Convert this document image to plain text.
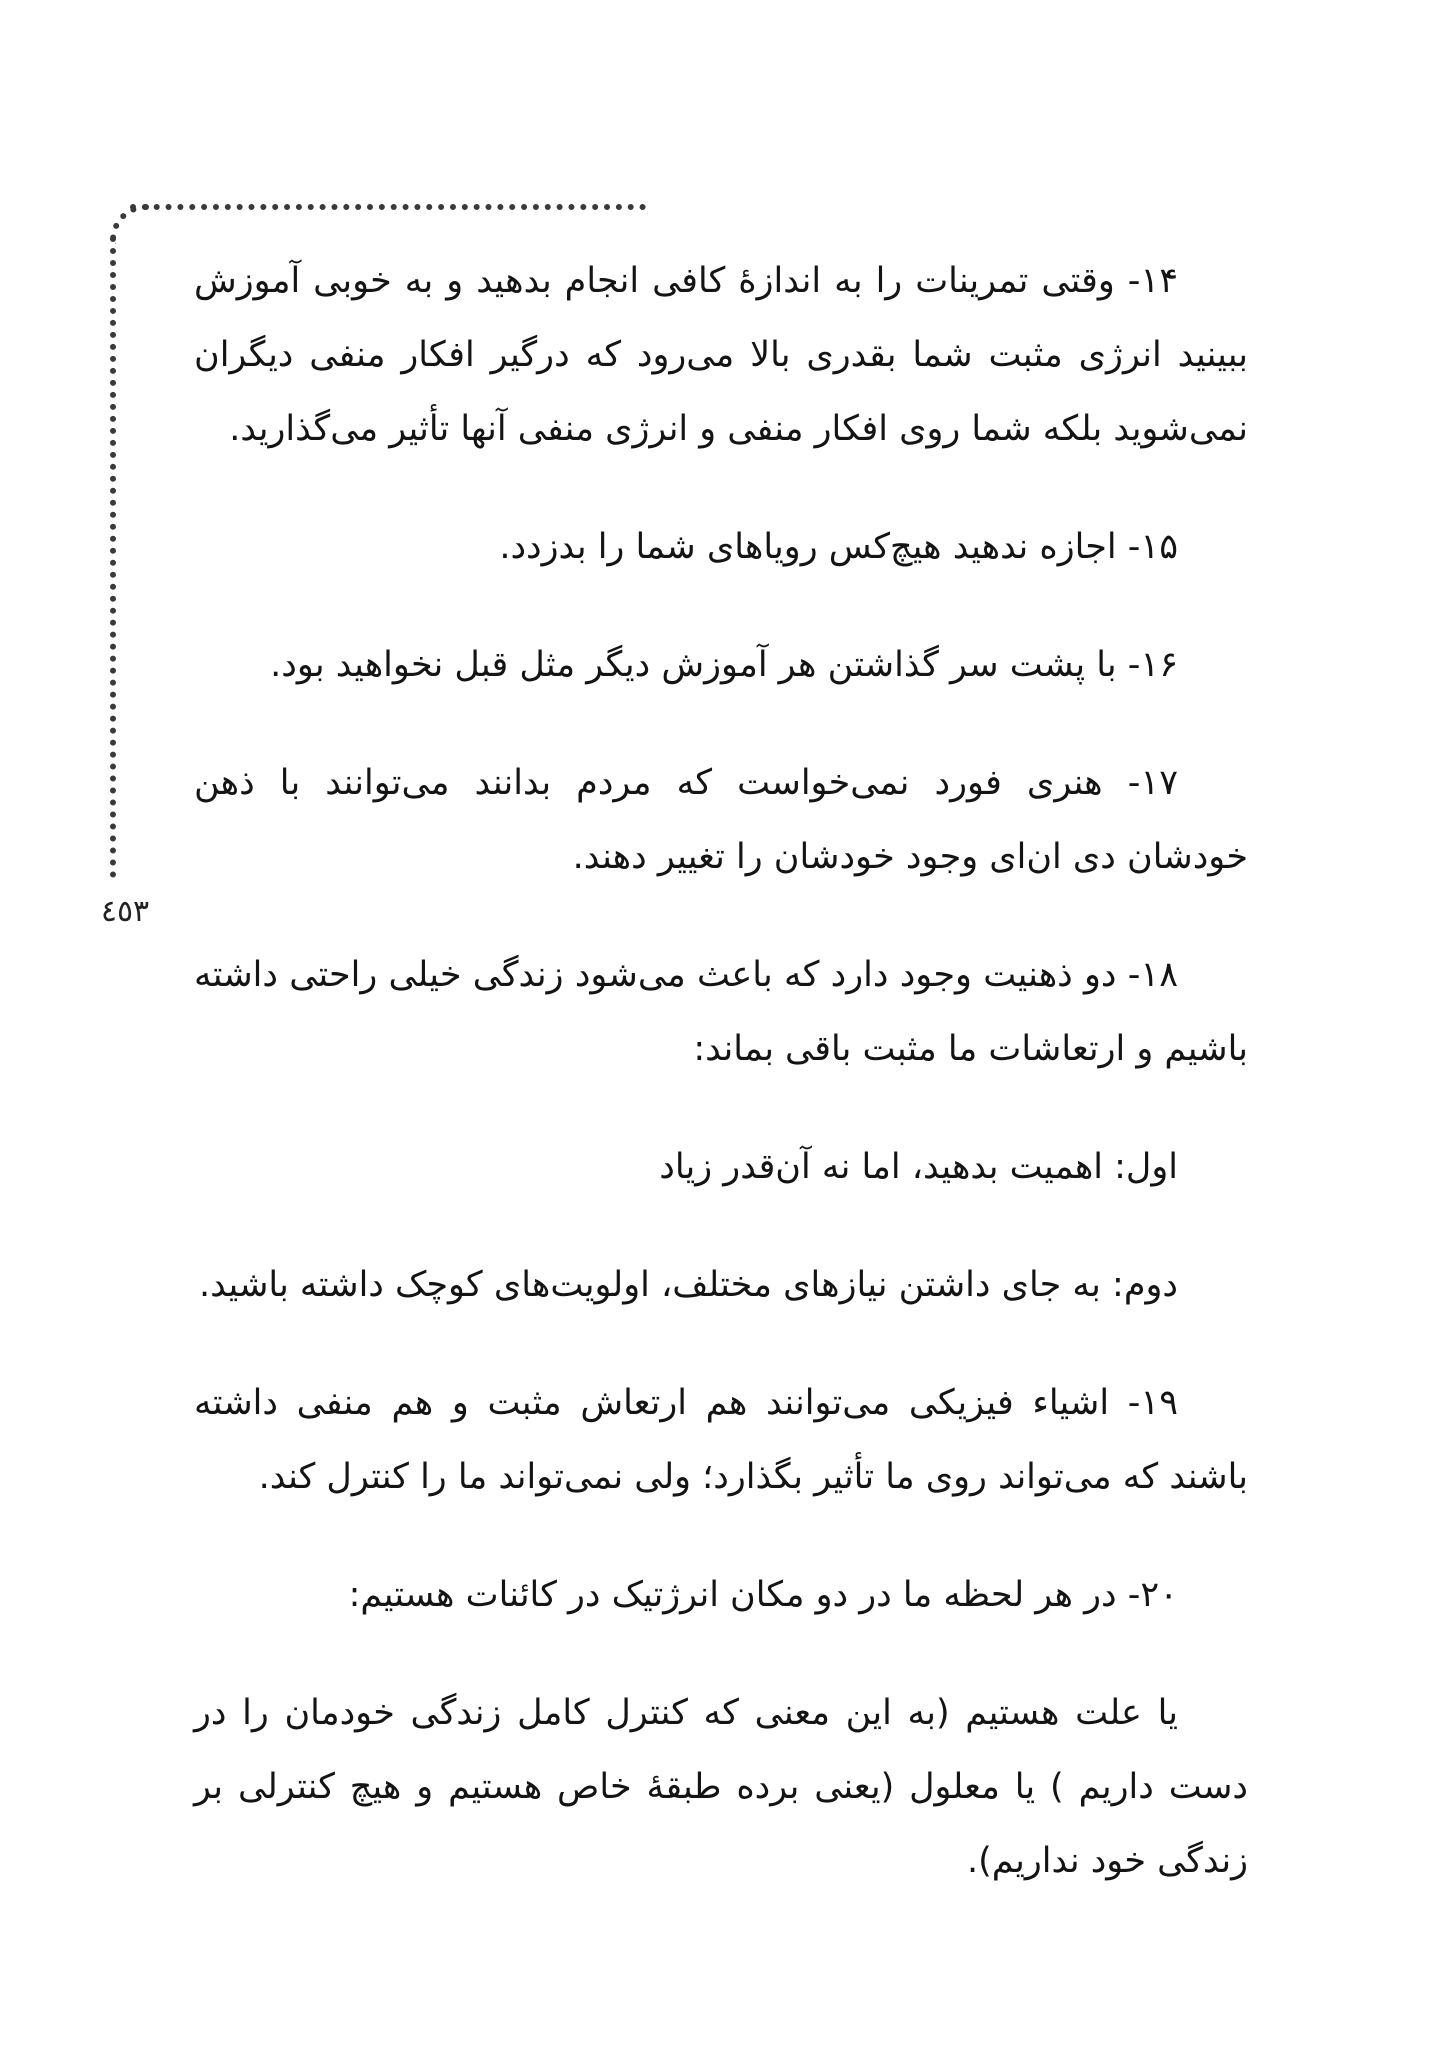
٤٥٣

۱۴- وقتی تمرینات را به اندازهٔ کافی انجام بدهید و به خوبی آموزش ببینید انرژی مثبت شما بقدری بالا می‌رود که درگیر افکار منفی دیگران نمی‌شوید بلکه شما روی افکار منفی و انرژی منفی آنها تأثیر می‌گذارید.

۱۵- اجازه ندهید هیچ‌کس رویاهای شما را بدزدد.

۱۶- با پشت سر گذاشتن هر آموزش دیگر مثل قبل نخواهید بود.

۱۷- هنری فورد نمی‌خواست که مردم بدانند می‌توانند با ذهن خودشان دی ان‌ای وجود خودشان را تغییر دهند.

۱۸- دو ذهنیت وجود دارد که باعث می‌شود زندگی خیلی راحتی داشته باشیم و ارتعاشات ما مثبت باقی بماند:

اول: اهمیت بدهید، اما نه آن‌قدر زیاد

دوم: به جای داشتن نیازهای مختلف، اولویت‌های کوچک داشته باشید.

۱۹- اشیاء فیزیکی می‌توانند هم ارتعاش مثبت و هم منفی داشته باشند که می‌تواند روی ما تأثیر بگذارد؛ ولی نمی‌تواند ما را کنترل کند.

۲۰- در هر لحظه ما در دو مکان انرژتیک در کائنات هستیم:

یا علت هستیم (به این معنی که کنترل کامل زندگی خودمان را در دست داریم ) یا معلول (یعنی برده طبقهٔ خاص هستیم و هیچ کنترلی بر زندگی خود نداریم).
